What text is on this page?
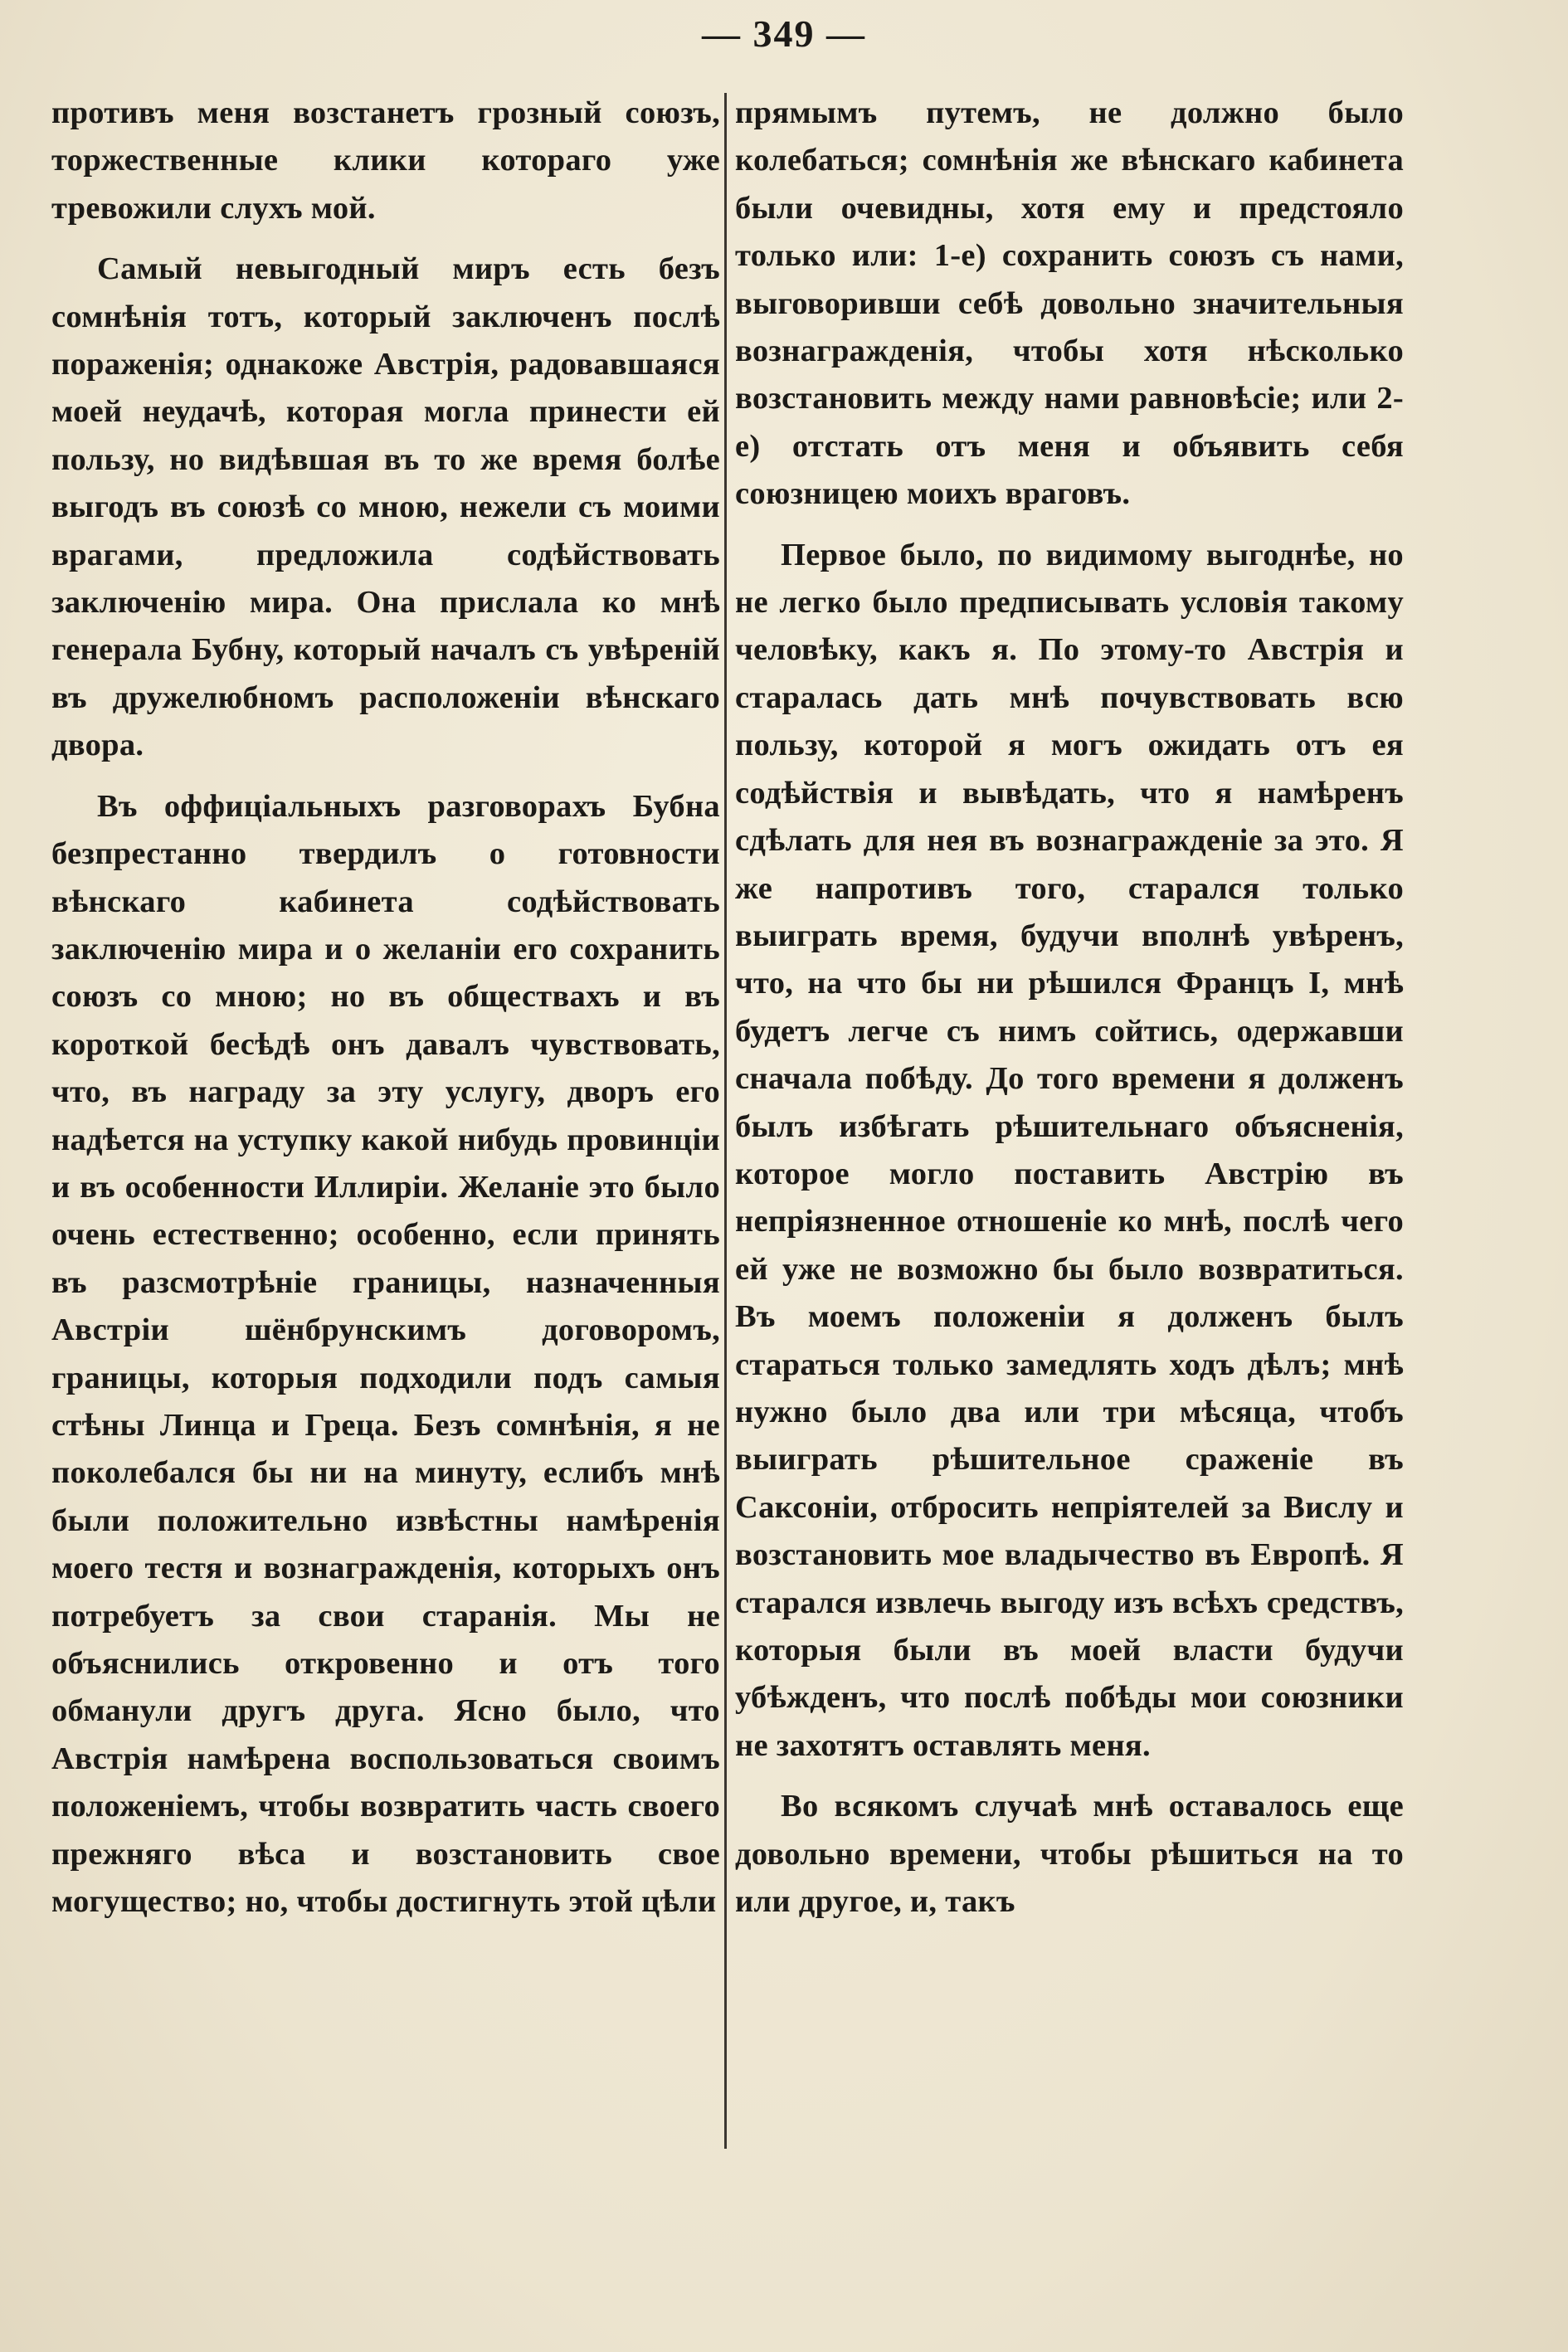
— 349 —

противъ меня возстанетъ грозный союзъ, торжественные клики котораго уже тревожили слухъ мой.

Самый невыгодный миръ есть безъ сомнѣнія тотъ, который заключенъ послѣ пораженія; однакоже Австрія, радовавшаяся моей неудачѣ, которая могла принести ей пользу, но видѣвшая въ то же время болѣе выгодъ въ союзѣ со мною, нежели съ моими врагами, предложила содѣйствовать заключенію мира. Она прислала ко мнѣ генерала Бубну, который началъ съ увѣреній въ дружелюбномъ расположеніи вѣнскаго двора.

Въ оффиціальныхъ разговорахъ Бубна безпрестанно твердилъ о готовности вѣнскаго кабинета содѣйствовать заключенію мира и о желаніи его сохранить союзъ со мною; но въ обществахъ и въ короткой бесѣдѣ онъ давалъ чувствовать, что, въ награду за эту услугу, дворъ его надѣется на уступку какой нибудь провинціи и въ особенности Иллиріи. Желаніе это было очень естественно; особенно, если принять въ разсмотрѣніе границы, назначенныя Австріи шёнбрунскимъ договоромъ, границы, которыя подходили подъ самыя стѣны Линца и Греца. Безъ сомнѣнія, я не поколебался бы ни на минуту, еслибъ мнѣ были положительно извѣстны намѣренія моего тестя и вознагражденія, которыхъ онъ потребуетъ за свои старанія. Мы не объяснились откровенно и отъ того обманули другъ друга. Ясно было, что Австрія намѣрена воспользоваться своимъ положеніемъ, чтобы возвратить часть своего прежняго вѣса и возстановить свое могущество; но, чтобы достигнуть этой цѣли

прямымъ путемъ, не должно было колебаться; сомнѣнія же вѣнскаго кабинета были очевидны, хотя ему и предстояло только или: 1-е) сохранить союзъ съ нами, выговоривши себѣ довольно значительныя вознагражденія, чтобы хотя нѣсколько возстановить между нами равновѣсіе; или 2-е) отстать отъ меня и объявить себя союзницею моихъ враговъ.

Первое было, по видимому выгоднѣе, но не легко было предписывать условія такому человѣку, какъ я. По этому-то Австрія и старалась дать мнѣ почувствовать всю пользу, которой я могъ ожидать отъ ея содѣйствія и вывѣдать, что я намѣренъ сдѣлать для нея въ вознагражденіе за это. Я же напротивъ того, старался только выиграть время, будучи вполнѣ увѣренъ, что, на что бы ни рѣшился Францъ I, мнѣ будетъ легче съ нимъ сойтись, одержавши сначала побѣду. До того времени я долженъ былъ избѣгать рѣшительнаго объясненія, которое могло поставить Австрію въ непріязненное отношеніе ко мнѣ, послѣ чего ей уже не возможно бы было возвратиться. Въ моемъ положеніи я долженъ былъ стараться только замедлять ходъ дѣлъ; мнѣ нужно было два или три мѣсяца, чтобъ выиграть рѣшительное сраженіе въ Саксоніи, отбросить непріятелей за Вислу и возстановить мое владычество въ Европѣ. Я старался извлечь выгоду изъ всѣхъ средствъ, которыя были въ моей власти будучи убѣжденъ, что послѣ побѣды мои союзники не захотятъ оставлять меня.

Во всякомъ случаѣ мнѣ оставалось еще довольно времени, чтобы рѣшиться на то или другое, и, такъ
